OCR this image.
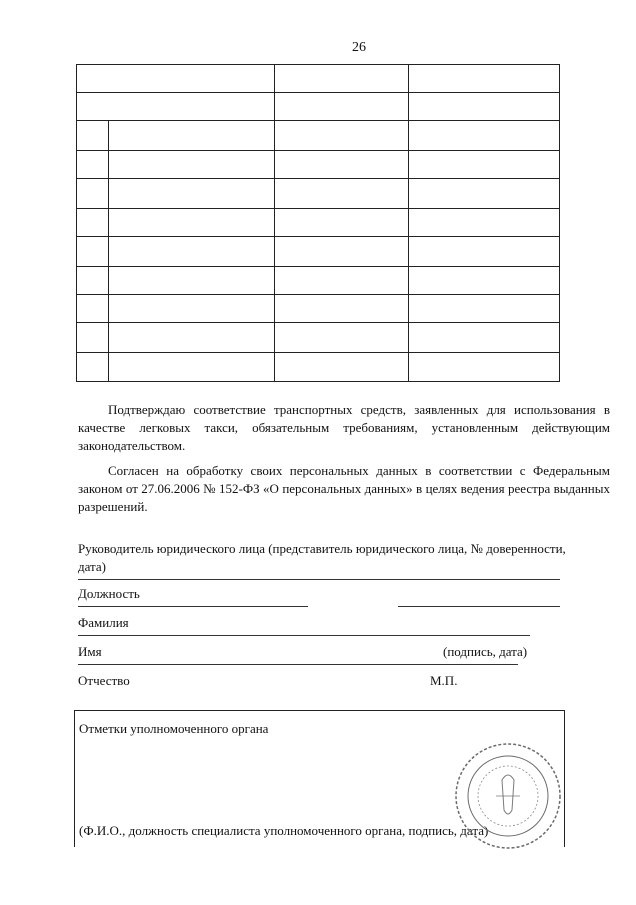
26
Подтверждаю соответствие транспортных средств, заявленных для использования в качестве легковых такси, обязательным требованиям, установленным действующим законодательством.
Согласен на обработку своих персональных данных в соответствии с Федеральным законом от 27.06.2006 № 152-ФЗ «О персональных данных» в целях ведения реестра выданных разрешений.
Руководитель юридического лица (представитель юридического лица, № доверенности, дата)
Должность
Фамилия
Имя	(подпись, дата)
Отчество	М.П.
Отметки уполномоченного органа
(Ф.И.О., должность специалиста уполномоченного органа, подпись, дата)
